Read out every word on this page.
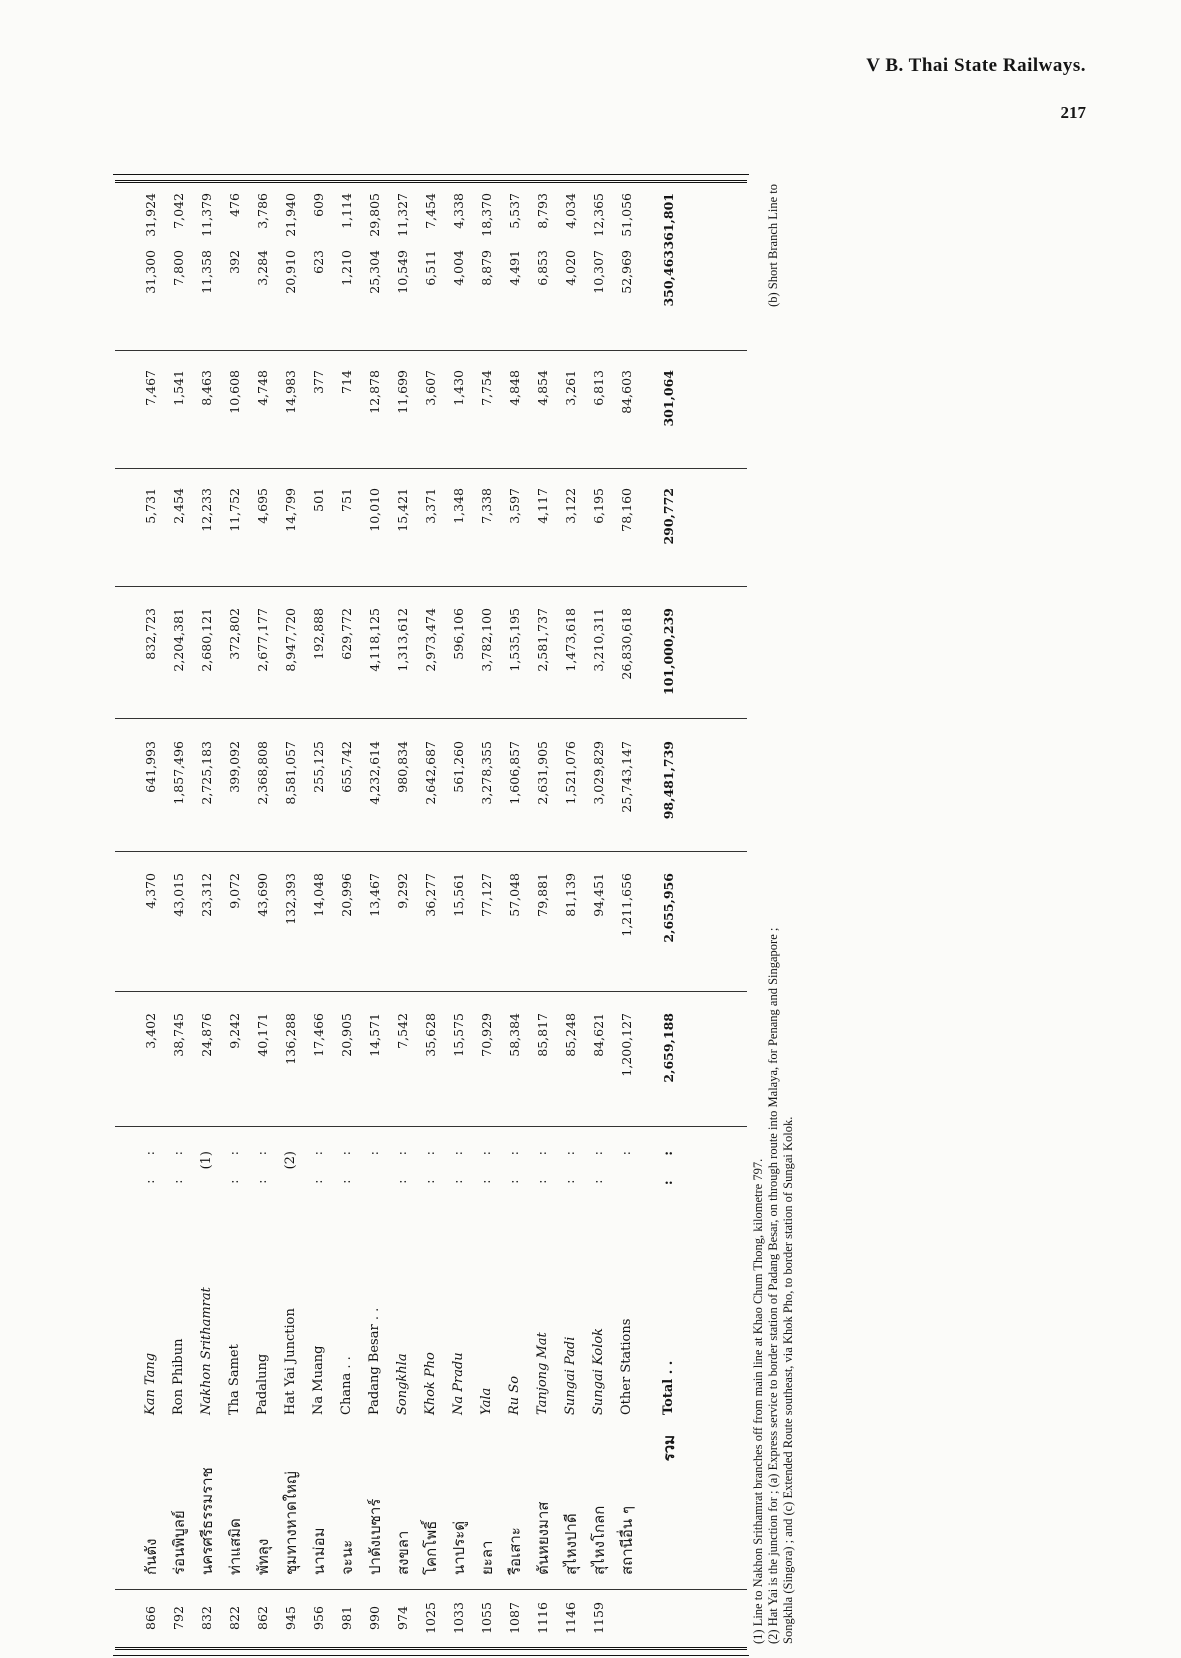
V B. Thai State Railways.
217
866
กันตัง
Kan Tang
: :
3,402
4,370
641,993
832,723
5,731
7,467
31,300
31,924
792
ร่อนพิบูลย์
Ron Phibun
: :
38,745
43,015
1,857,496
2,204,381
2,454
1,541
7,800
7,042
832
นครศรีธรรมราช
Nakhon Srithamrat
(1)
24,876
23,312
2,725,183
2,680,121
12,233
8,463
11,358
11,379
822
ท่าแสมิด
Tha Samet
: :
9,242
9,072
399,092
372,802
11,752
10,608
392
476
862
พัทลุง
Padalung
: :
40,171
43,690
2,368,808
2,677,177
4,695
4,748
3,284
3,786
945
ชุมทางหาดใหญ่
Hat Yai Junction
(2)
136,288
132,393
8,581,057
8,947,720
14,799
14,983
20,910
21,940
956
นาม่อม
Na Muang
: :
17,466
14,048
255,125
192,888
501
377
623
609
981
จะนะ
Chana . .
: :
20,905
20,996
655,742
629,772
751
714
1,210
1,114
990
ปาดังเบซาร์
Padang Besar . .
:
14,571
13,467
4,232,614
4,118,125
10,010
12,878
25,304
29,805
974
สงขลา
Songkhla
: :
7,542
9,292
980,834
1,313,612
15,421
11,699
10,549
11,327
1025
โคกโพธิ์
Khok Pho
: :
35,628
36,277
2,642,687
2,973,474
3,371
3,607
6,511
7,454
1033
นาประดู่
Na Pradu
: :
15,575
15,561
561,260
596,106
1,348
1,430
4,004
4,338
1055
ยะลา
Yala
: :
70,929
77,127
3,278,355
3,782,100
7,338
7,754
8,879
18,370
1087
รือเสาะ
Ru So
: :
58,384
57,048
1,606,857
1,535,195
3,597
4,848
4,491
5,537
1116
ตันหยงมาส
Tanjong Mat
: :
85,817
79,881
2,631,905
2,581,737
4,117
4,854
6,853
8,793
1146
สุไหงปาดี
Sungai Padi
: :
85,248
81,139
1,521,076
1,473,618
3,122
3,261
4,020
4,034
1159
สุไหงโกลก
Sungai Kolok
: :
84,621
94,451
3,029,829
3,210,311
6,195
6,813
10,307
12,365
สถานีอื่น ๆ
Other Stations
:
1,200,127
1,211,656
25,743,147
26,830,618
78,160
84,603
52,969
51,056
รวม
Total . .
: :
2,659,188
2,655,956
98,481,739
101,000,239
290,772
301,064
350,463
361,801
(1) Line to Nakhon Srithamrat branches off from main line at Khao Chum Thong, kilometre 797. (2) Hat Yai is the junction for ; (a) Express service to border station of Padang Besar, on through route into Malaya, for Penang and Singapore ;
(b) Short Branch Line to
Songkhla (Singora) ; and (c) Extended Route southeast, via Khok Pho, to border station of Sungai Kolok.
